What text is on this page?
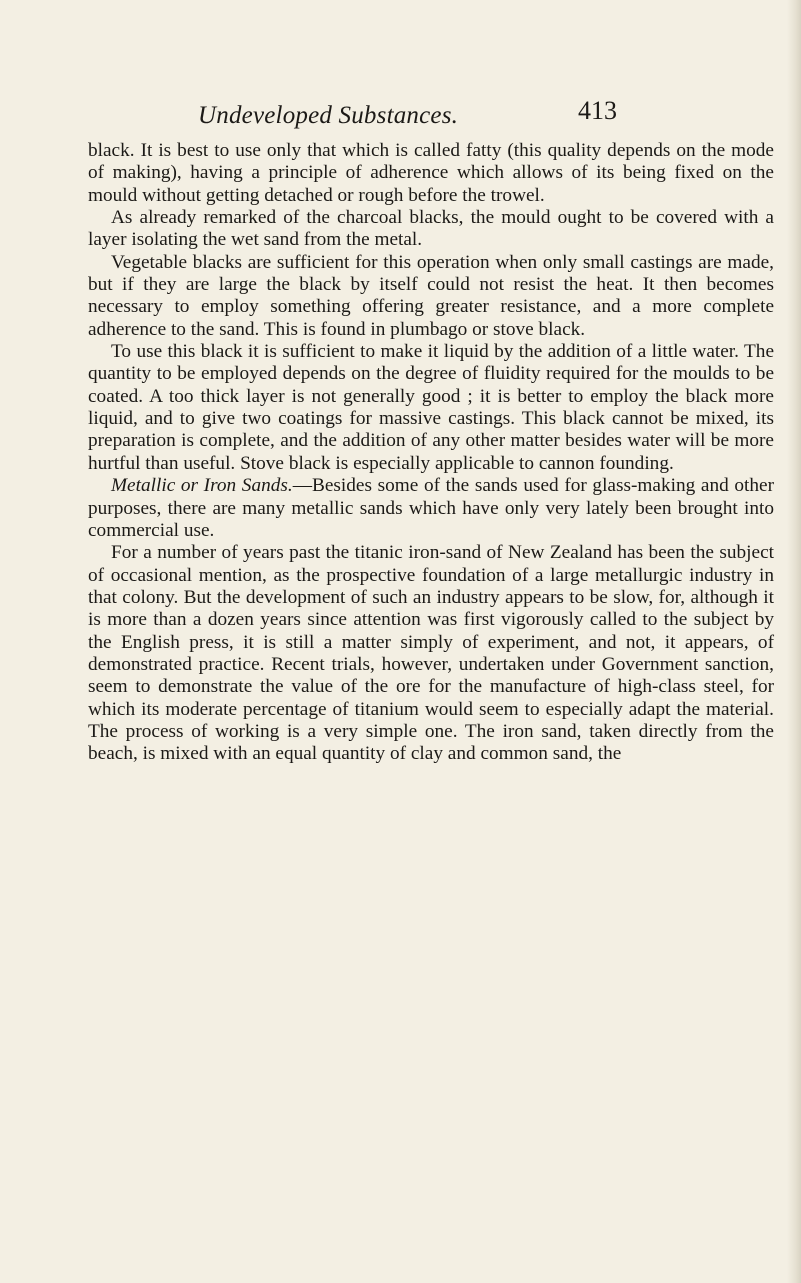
Undeveloped Substances.	413

black. It is best to use only that which is called fatty (this quality depends on the mode of making), having a principle of adherence which allows of its being fixed on the mould without getting detached or rough before the trowel.

As already remarked of the charcoal blacks, the mould ought to be covered with a layer isolating the wet sand from the metal.

Vegetable blacks are sufficient for this operation when only small castings are made, but if they are large the black by itself could not resist the heat. It then becomes necessary to employ something offering greater resistance, and a more complete adherence to the sand. This is found in plumbago or stove black.

To use this black it is sufficient to make it liquid by the addition of a little water. The quantity to be employed depends on the degree of fluidity required for the moulds to be coated. A too thick layer is not generally good ; it is better to employ the black more liquid, and to give two coatings for massive castings. This black cannot be mixed, its preparation is complete, and the addition of any other matter besides water will be more hurtful than useful. Stove black is especially applicable to cannon founding.

Metallic or Iron Sands.—Besides some of the sands used for glass-making and other purposes, there are many metallic sands which have only very lately been brought into commercial use.

For a number of years past the titanic iron-sand of New Zealand has been the subject of occasional mention, as the prospective foundation of a large metallurgic industry in that colony. But the development of such an industry appears to be slow, for, although it is more than a dozen years since attention was first vigorously called to the subject by the English press, it is still a matter simply of experiment, and not, it appears, of demonstrated practice. Recent trials, however, undertaken under Government sanction, seem to demonstrate the value of the ore for the manufacture of high-class steel, for which its moderate percentage of titanium would seem to especially adapt the material. The process of working is a very simple one. The iron sand, taken directly from the beach, is mixed with an equal quantity of clay and common sand, the
